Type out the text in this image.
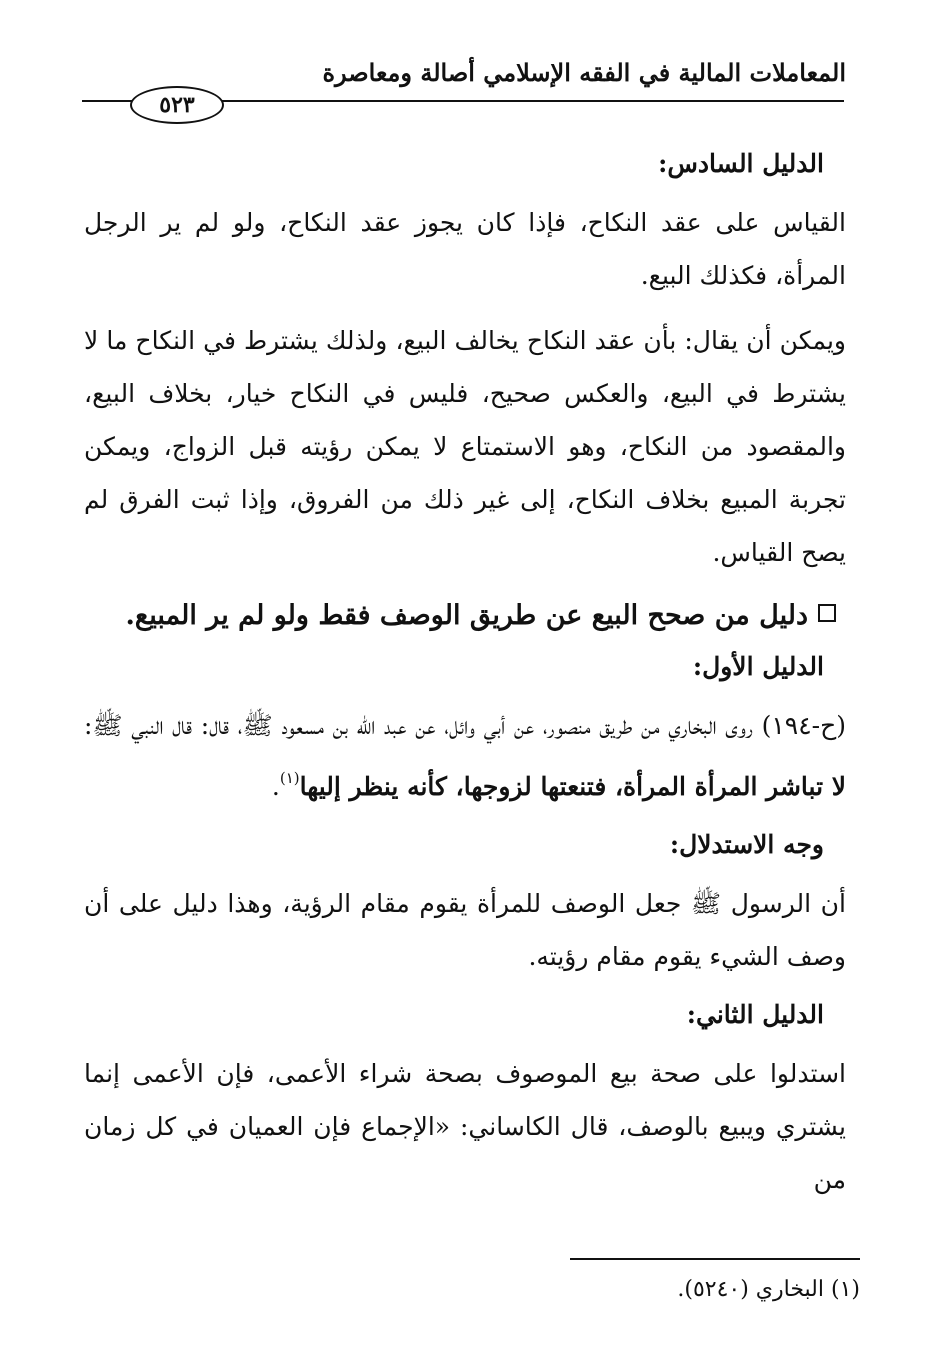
المعاملات المالية في الفقه الإسلامي أصالة ومعاصرة
٥٢٣

الدليل السادس:

القياس على عقد النكاح، فإذا كان يجوز عقد النكاح، ولو لم ير الرجل المرأة، فكذلك البيع.

ويمكن أن يقال: بأن عقد النكاح يخالف البيع، ولذلك يشترط في النكاح ما لا يشترط في البيع، والعكس صحيح، فليس في النكاح خيار، بخلاف البيع، والمقصود من النكاح، وهو الاستمتاع لا يمكن رؤيته قبل الزواج، ويمكن تجربة المبيع بخلاف النكاح، إلى غير ذلك من الفروق، وإذا ثبت الفرق لم يصح القياس.

دليل من صحح البيع عن طريق الوصف فقط ولو لم ير المبيع.

الدليل الأول:

(ح-١٩٤) روى البخاري من طريق منصور، عن أبي وائل، عن عبد الله بن مسعود ﷺ، قال: قال النبي ﷺ: لا تباشر المرأة المرأة، فتنعتها لزوجها، كأنه ينظر إليها$^{(١)}$.

وجه الاستدلال:

أن الرسول ﷺ جعل الوصف للمرأة يقوم مقام الرؤية، وهذا دليل على أن وصف الشيء يقوم مقام رؤيته.

الدليل الثاني:

استدلوا على صحة بيع الموصوف بصحة شراء الأعمى، فإن الأعمى إنما يشتري ويبيع بالوصف، قال الكاساني: «الإجماع فإن العميان في كل زمان من

(١) البخاري (٥٢٤٠).
